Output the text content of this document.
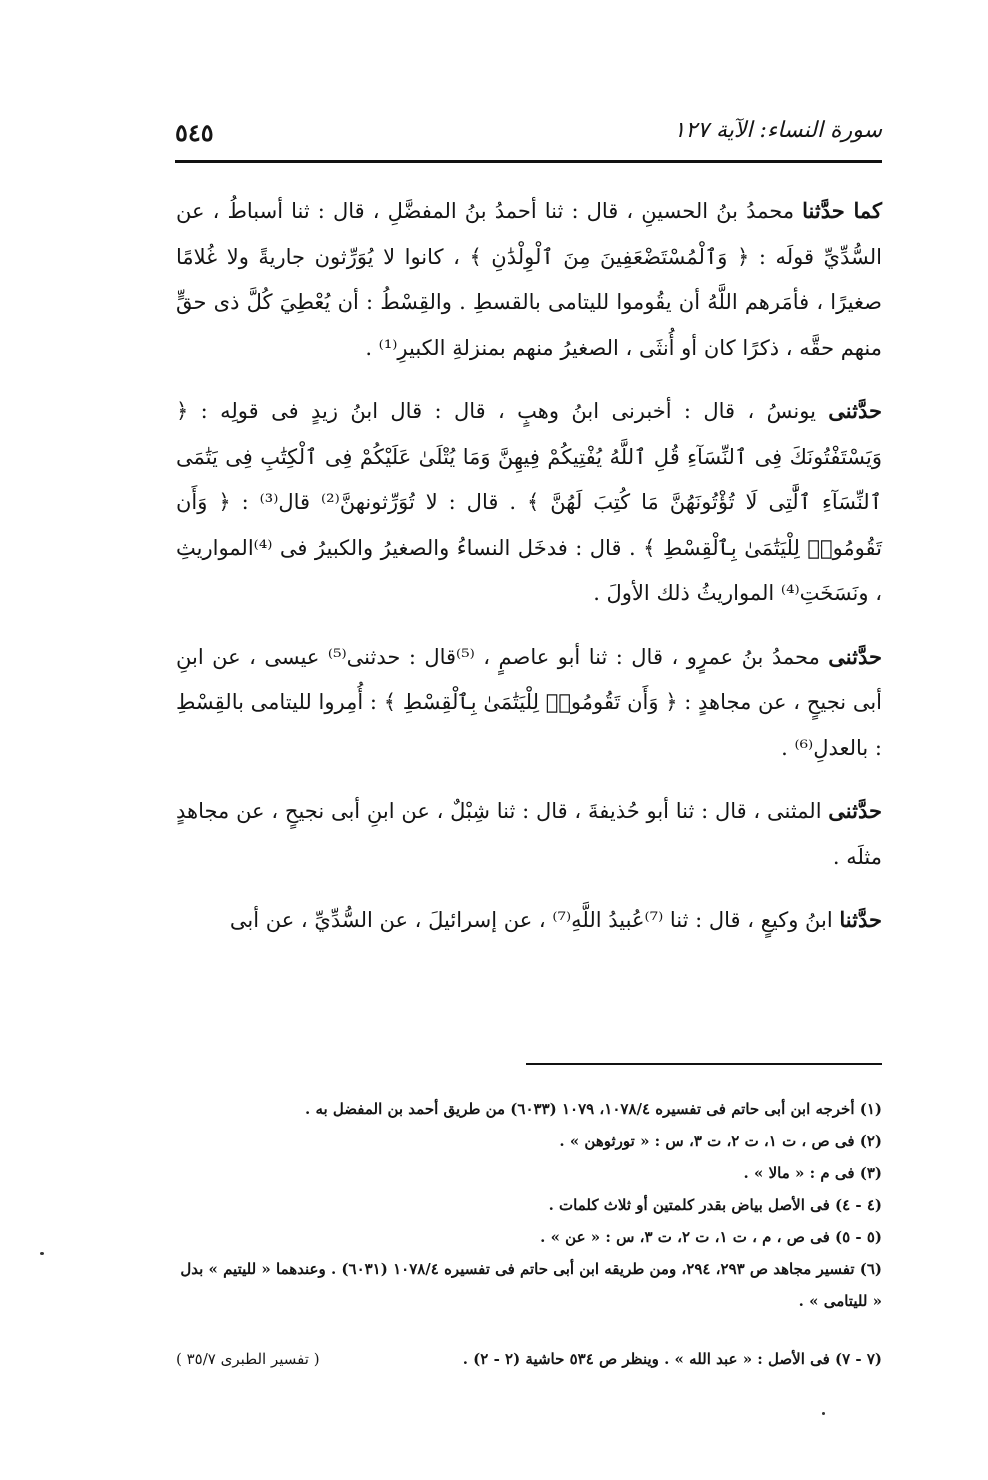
سورة النساء: الآية ١٢٧
٥٤٥

كما حدَّثنا محمدُ بنُ الحسينِ ، قال : ثنا أحمدُ بنُ المفضَّلِ ، قال : ثنا أسباطُ ، عن السُّدِّيِّ قولَه : ﴿ وَٱلْمُسْتَضْعَفِينَ مِنَ ٱلْوِلْدَٰنِ ﴾ ، كانوا لا يُوَرِّثون جاريةً ولا غُلامًا صغيرًا ، فأمَرهم اللَّهُ أن يقُوموا لليتامى بالقسطِ . والقِسْطُ : أن يُعْطِيَ كُلَّ ذى حقٍّ منهم حقَّه ، ذكرًا كان أو أُنثَى ، الصغيرُ منهم بمنزلةِ الكبيرِ⁽¹⁾ .

حدَّثنى يونسُ ، قال : أخبرنى ابنُ وهبٍ ، قال : قال ابنُ زيدٍ فى قولِه : ﴿ وَيَسْتَفْتُونَكَ فِى ٱلنِّسَآءِ قُلِ ٱللَّهُ يُفْتِيكُمْ فِيهِنَّ وَمَا يُتْلَىٰ عَلَيْكُمْ فِى ٱلْكِتَٰبِ فِى يَتَٰمَى ٱلنِّسَآءِ ٱلَّٰتِى لَا تُؤْتُونَهُنَّ مَا كُتِبَ لَهُنَّ ﴾ . قال : لا تُوَرِّثونهنَّ⁽²⁾ قال⁽³⁾ : ﴿ وَأَن تَقُومُوا۟ لِلْيَتَٰمَىٰ بِٱلْقِسْطِ ﴾ . قال : فدخَل النساءُ والصغيرُ والكبيرُ فى ⁽⁴⁾المواريثِ ، ونَسَخَتِ⁽⁴⁾ المواريثُ ذلك الأولَ .

حدَّثنى محمدُ بنُ عمرٍو ، قال : ثنا أبو عاصمٍ ، ⁽⁵⁾قال : حدثنى⁽⁵⁾ عيسى ، عن ابنِ أبى نجيحٍ ، عن مجاهدٍ : ﴿ وَأَن تَقُومُوا۟ لِلْيَتَٰمَىٰ بِٱلْقِسْطِ ﴾ : أُمِروا لليتامى بالقِسْطِ : بالعدلِ⁽⁶⁾ .

حدَّثنى المثنى ، قال : ثنا أبو حُذيفةَ ، قال : ثنا شِبْلٌ ، عن ابنِ أبى نجيحٍ ، عن مجاهدٍ مثلَه .

حدَّثنا ابنُ وكيعٍ ، قال : ثنا ⁽⁷⁾عُبيدُ اللَّهِ⁽⁷⁾ ، عن إسرائيلَ ، عن السُّدِّيِّ ، عن أبى

(١) أخرجه ابن أبى حاتم فى تفسيره ١٠٧٨/٤، ١٠٧٩ (٦٠٣٣) من طريق أحمد بن المفضل به .
(٢) فى ص ، ت ١، ت ٢، ت ٣، س : « تورثوهن » .
(٣) فى م : « مالا » .
(٤ - ٤) فى الأصل بياض بقدر كلمتين أو ثلاث كلمات .
(٥ - ٥) فى ص ، م ، ت ١، ت ٢، ت ٣، س : « عن » .
(٦) تفسير مجاهد ص ٢٩٣، ٢٩٤، ومن طريقه ابن أبى حاتم فى تفسيره ١٠٧٨/٤ (٦٠٣١) . وعندهما « لليتيم » بدل « لليتامى » .
(٧ - ٧) فى الأصل : « عبد الله » . وينظر ص ٥٣٤ حاشية (٢ - ٢) .
( تفسير الطبرى ٣٥/٧ )
